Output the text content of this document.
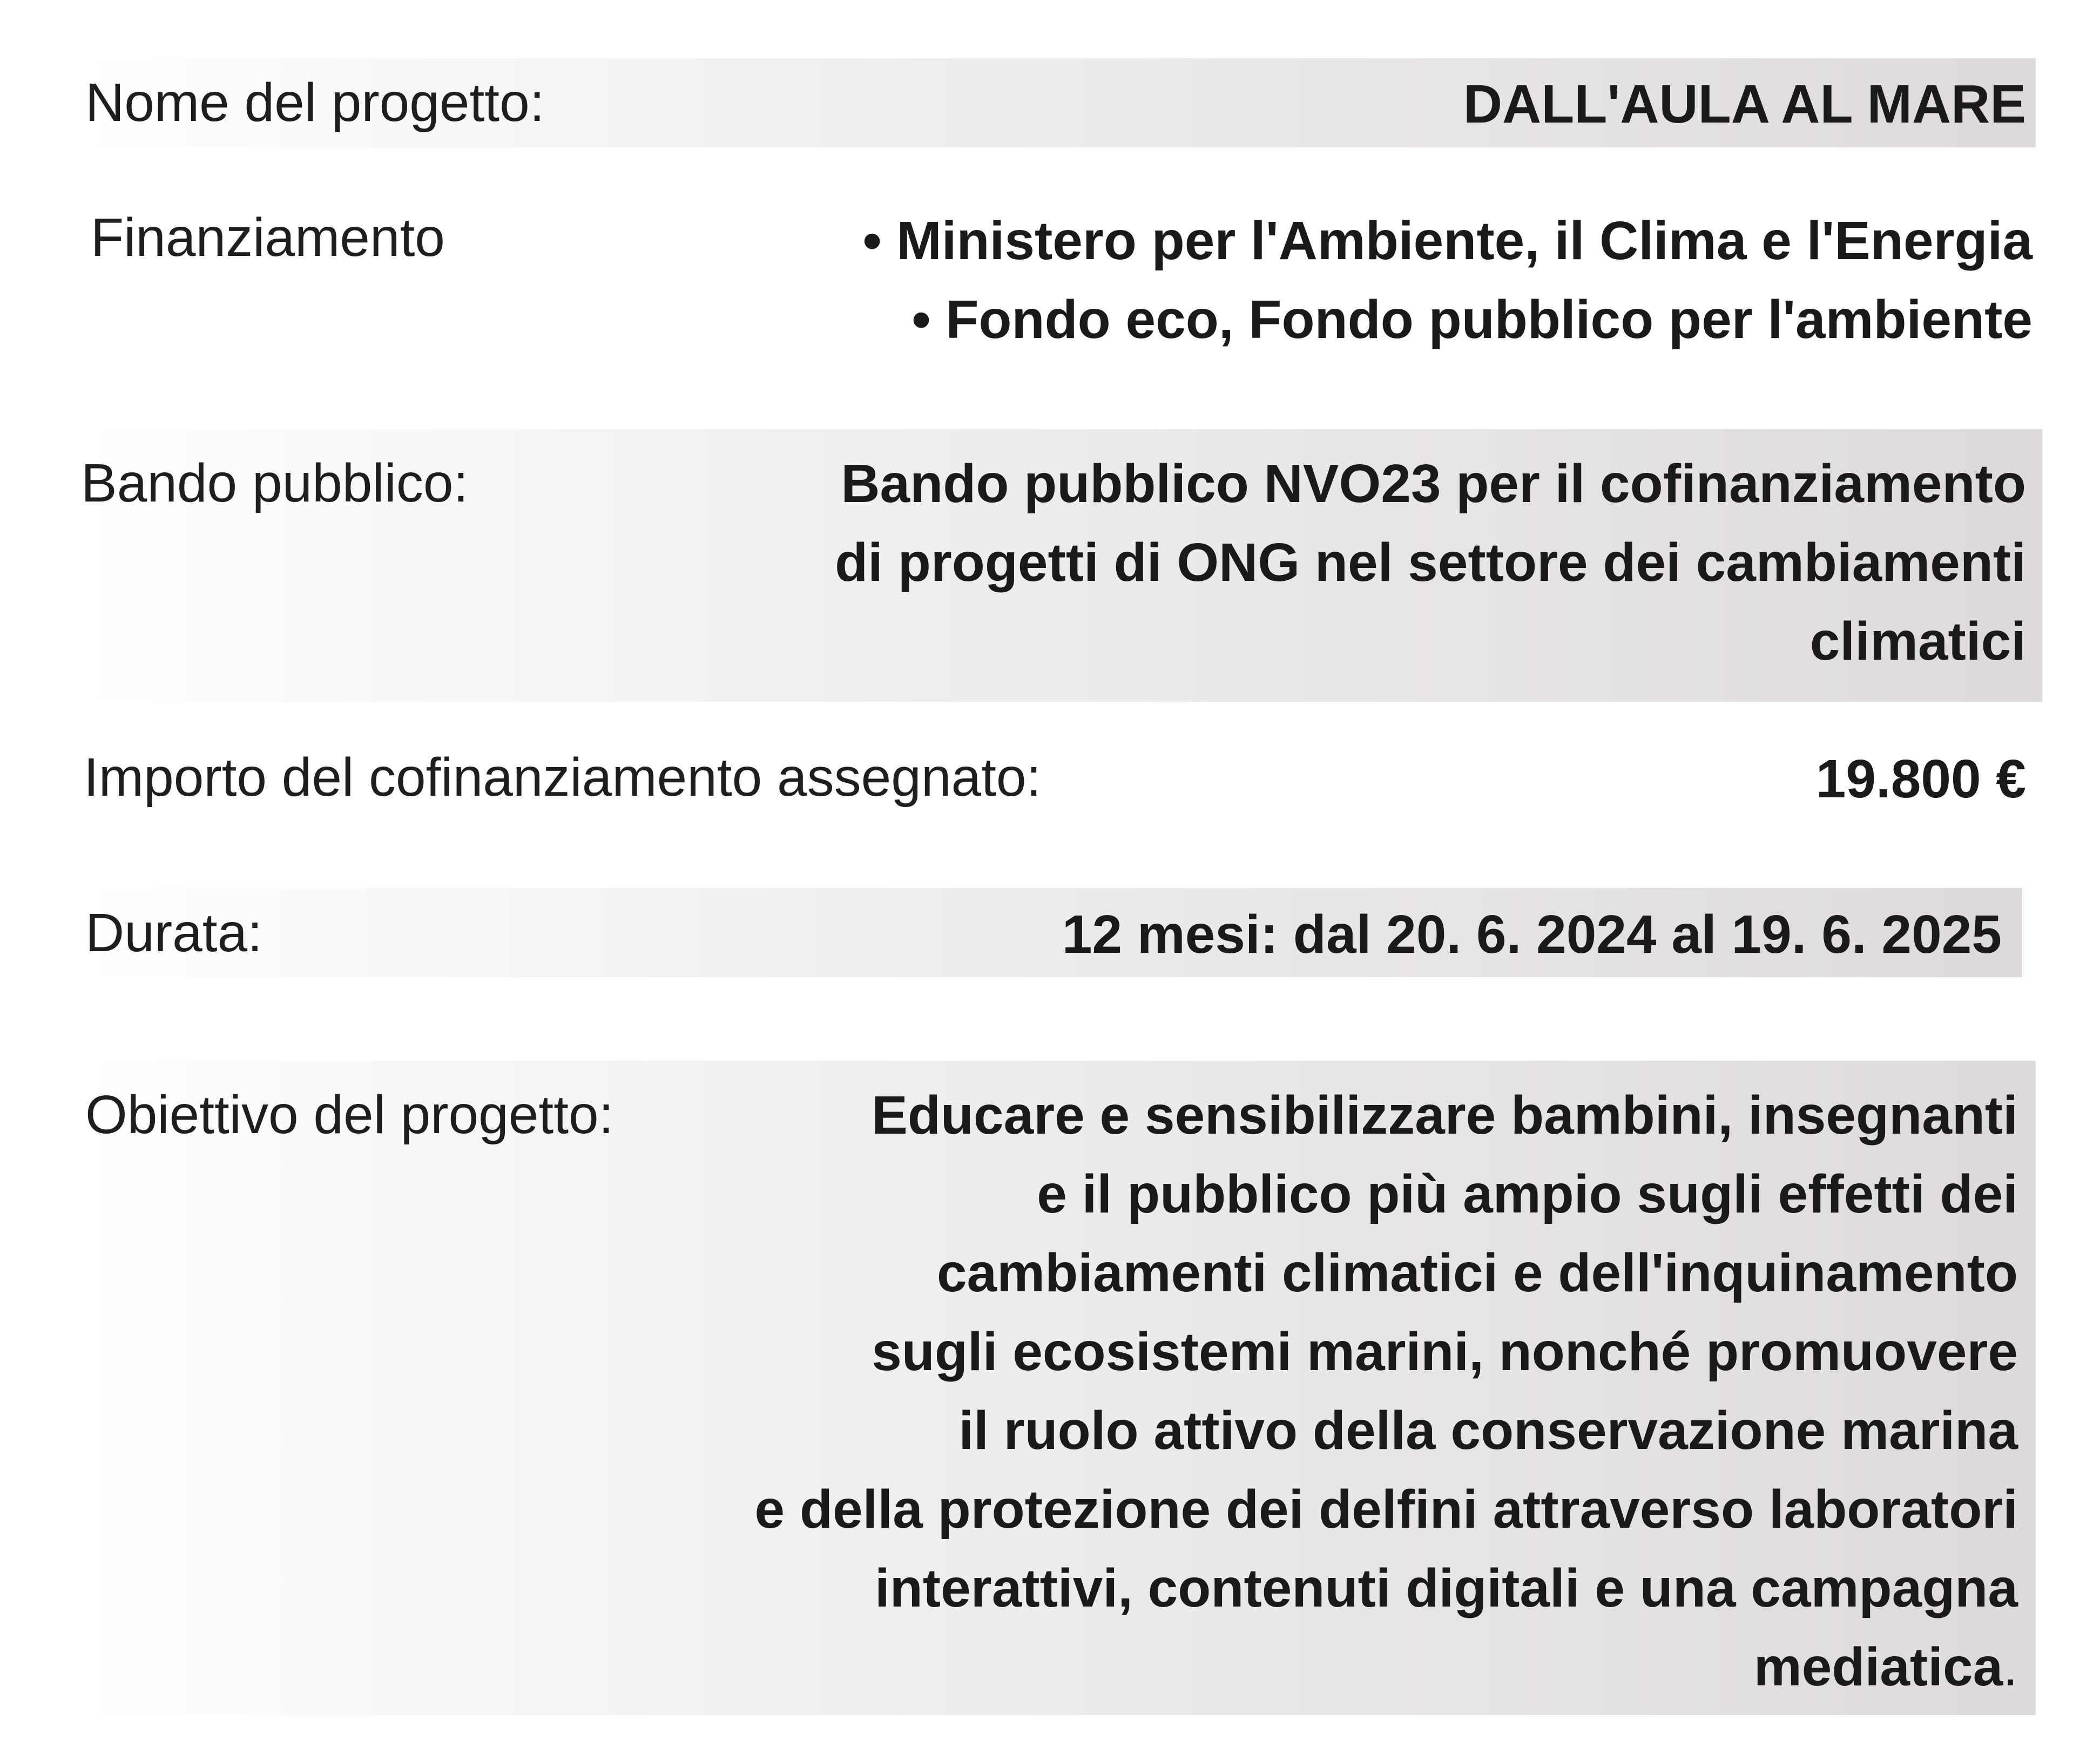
Nome del progetto:	DALL'AULA AL MARE
Finanziamento	• Ministero per l'Ambiente, il Clima e l'Energia
• Fondo eco, Fondo pubblico per l'ambiente
Bando pubblico:	Bando pubblico NVO23 per il cofinanziamento
di progetti di ONG nel settore dei cambiamenti
climatici
Importo del cofinanziamento assegnato:	19.800 €
Durata:	12 mesi: dal 20. 6. 2024 al 19. 6. 2025
Obiettivo del progetto:	Educare e sensibilizzare bambini, insegnanti
e il pubblico più ampio sugli effetti dei
cambiamenti climatici e dell'inquinamento
sugli ecosistemi marini, nonché promuovere
il ruolo attivo della conservazione marina
e della protezione dei delfini attraverso laboratori
interattivi, contenuti digitali e una campagna
mediatica.
